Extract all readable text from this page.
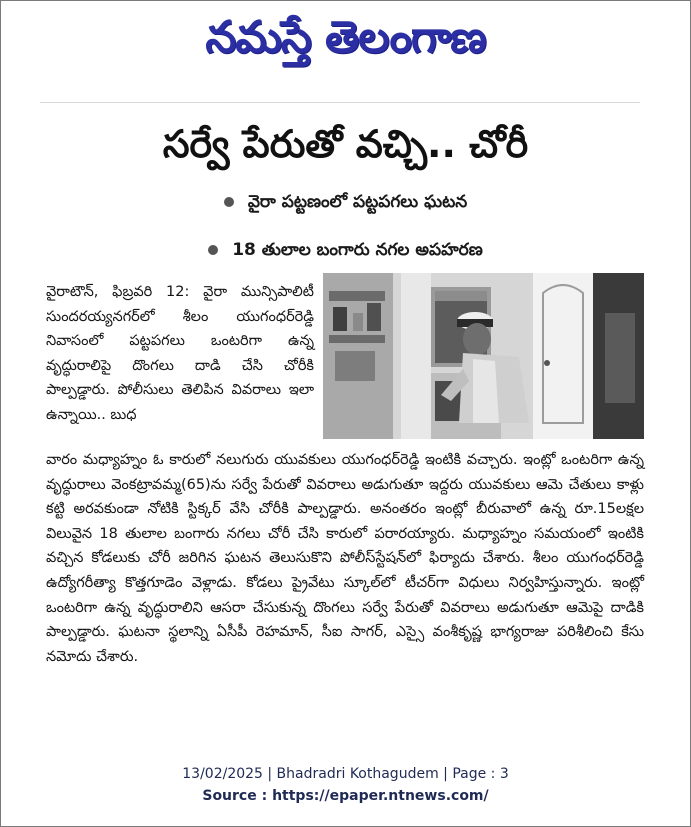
నమస్తే తెలంగాణ
సర్వే పేరుతో వచ్చి.. చోరీ
వైరా పట్టణంలో పట్టపగలు ఘటన
18 తులాల బంగారు నగల అపహరణ
వైరాటౌన్, ఫిబ్రవరి 12: వైరా మున్సిపాలిటీ సుందరయ్యనగర్‌లో శీలం యుగంధర్‌రెడ్డి నివాసంలో పట్టపగలు ఒంటరిగా ఉన్న వృద్ధురాలిపై దొంగలు దాడి చేసి చోరీకి పాల్పడ్డారు. పోలీసులు తెలిపిన వివరాలు ఇలా ఉన్నాయి.. బుధ
వారం మధ్యాహ్నం ఓ కారులో నలుగురు యువకులు యుగంధర్‌రెడ్డి ఇంటికి వచ్చారు. ఇంట్లో ఒంటరిగా ఉన్న వృద్ధురాలు వెంకట్రావమ్మ(65)ను సర్వే పేరుతో వివరాలు అడుగుతూ ఇద్దరు యువకులు ఆమె చేతులు కాళ్లు కట్టి అరవకుండా నోటికి స్టిక్కర్ వేసి చోరీకి పాల్పడ్డారు. అనంతరం ఇంట్లో బీరువాలో ఉన్న రూ.15లక్షల విలువైన 18 తులాల బంగారు నగలు చోరీ చేసి కారులో పరారయ్యారు. మధ్యాహ్నం సమయంలో ఇంటికి వచ్చిన కోడలుకు చోరీ జరిగిన ఘటన తెలుసుకొని పోలీస్‌స్టేషన్‌లో ఫిర్యాదు చేశారు. శీలం యుగంధర్‌రెడ్డి ఉద్యోగరీత్యా కొత్తగూడెం వెళ్లాడు. కోడలు ప్రైవేటు స్కూల్‌లో టీచర్‌గా విధులు నిర్వహిస్తున్నారు. ఇంట్లో ఒంటరిగా ఉన్న వృద్ధురాలిని ఆసరా చేసుకున్న దొంగలు సర్వే పేరుతో వివరాలు అడుగుతూ ఆమెపై దాడికి పాల్పడ్డారు. ఘటనా స్థలాన్ని ఏసీపీ రెహమాన్, సీఐ సాగర్, ఎస్సై వంశీకృష్ణ భాగ్యరాజు పరిశీలించి కేసు నమోదు చేశారు.
13/02/2025 | Bhadradri Kothagudem | Page : 3
Source : https://epaper.ntnews.com/
